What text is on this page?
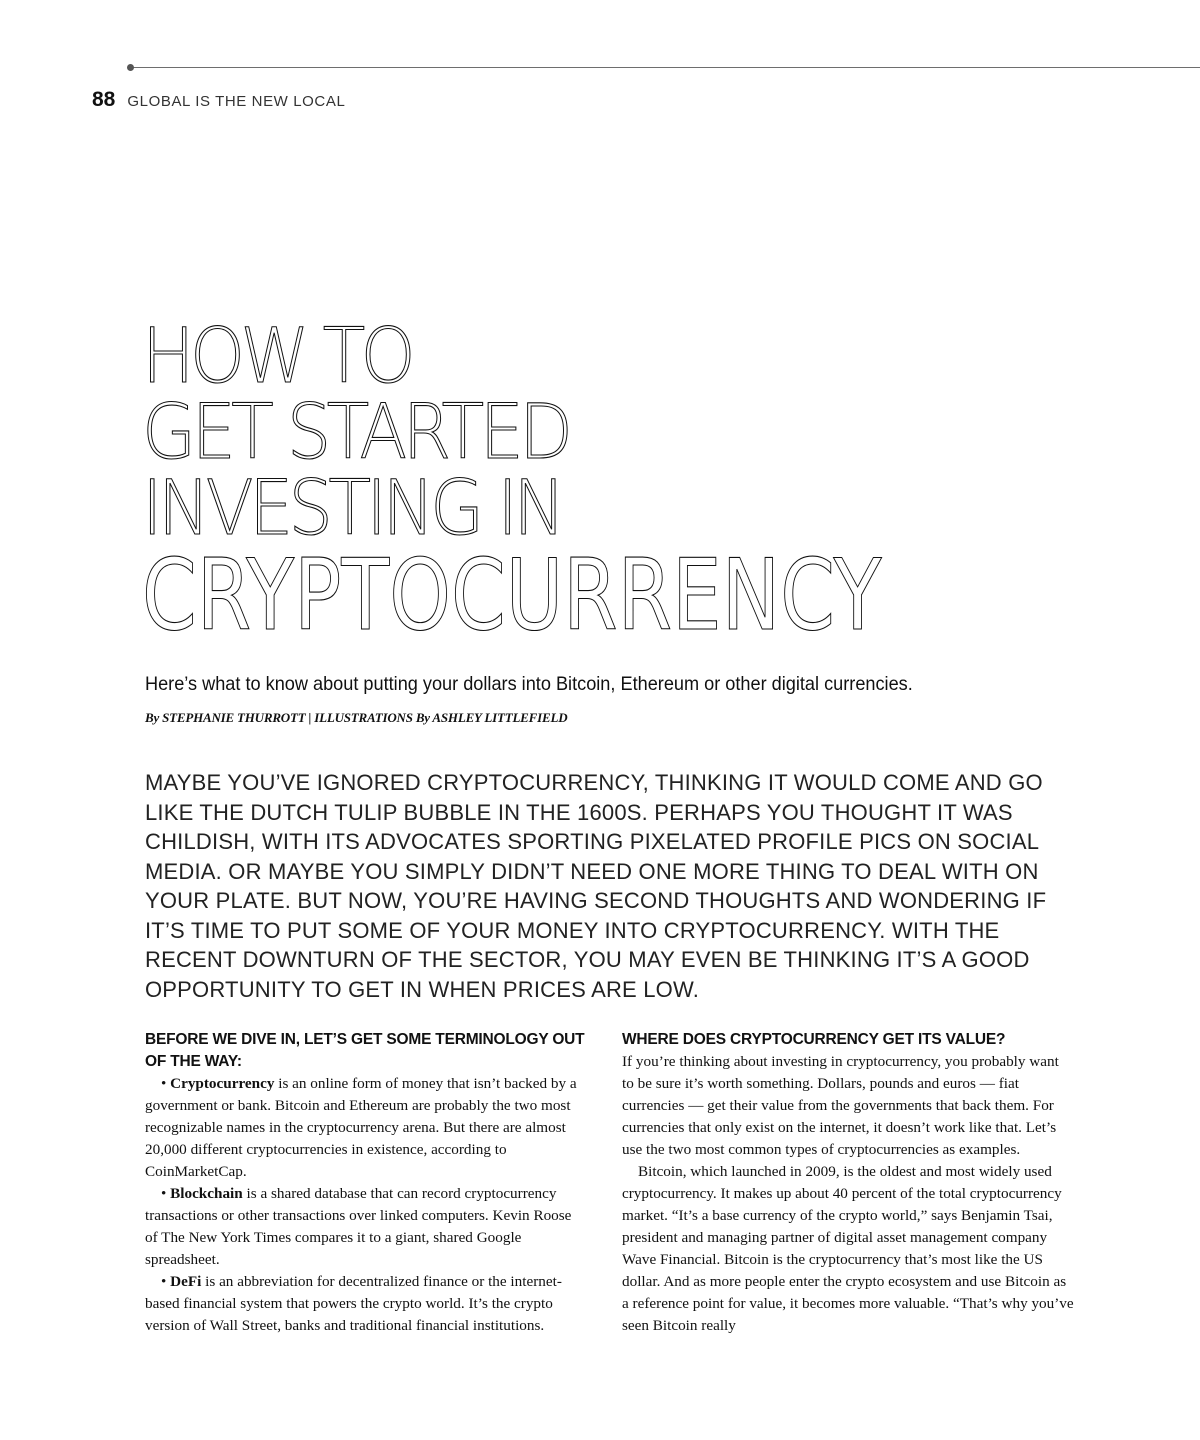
88 GLOBAL IS THE NEW LOCAL
HOW TO
GET STARTED
INVESTING IN
CRYPTOCURRENCY
Here’s what to know about putting your dollars into Bitcoin, Ethereum or other digital currencies.
By STEPHANIE THURROTT | ILLUSTRATIONS By ASHLEY LITTLEFIELD

MAYBE YOU’VE IGNORED CRYPTOCURRENCY, THINKING IT WOULD COME AND GO LIKE THE DUTCH TULIP BUBBLE IN THE 1600S. PERHAPS YOU THOUGHT IT WAS CHILDISH, WITH ITS ADVOCATES SPORTING PIXELATED PROFILE PICS ON SOCIAL MEDIA. OR MAYBE YOU SIMPLY DIDN’T NEED ONE MORE THING TO DEAL WITH ON YOUR PLATE. BUT NOW, YOU’RE HAVING SECOND THOUGHTS AND WONDERING IF IT’S TIME TO PUT SOME OF YOUR MONEY INTO CRYPTOCURRENCY. WITH THE RECENT DOWNTURN OF THE SECTOR, YOU MAY EVEN BE THINKING IT’S A GOOD OPPORTUNITY TO GET IN WHEN PRICES ARE LOW.

BEFORE WE DIVE IN, LET’S GET SOME TERMINOLOGY OUT OF THE WAY:

• Cryptocurrency is an online form of money that isn’t backed by a government or bank. Bitcoin and Ethereum are probably the two most recognizable names in the cryptocurrency arena. But there are almost 20,000 different cryptocurrencies in existence, according to CoinMarketCap.

• Blockchain is a shared database that can record cryptocurrency transactions or other transactions over linked computers. Kevin Roose of The New York Times compares it to a giant, shared Google spreadsheet.

• DeFi is an abbreviation for decentralized finance or the internet-based financial system that powers the crypto world. It’s the crypto version of Wall Street, banks and traditional financial institutions.

WHERE DOES CRYPTOCURRENCY GET ITS VALUE?

If you’re thinking about investing in cryptocurrency, you probably want to be sure it’s worth something. Dollars, pounds and euros — fiat currencies — get their value from the governments that back them. For currencies that only exist on the internet, it doesn’t work like that. Let’s use the two most common types of cryptocurrencies as examples.

Bitcoin, which launched in 2009, is the oldest and most widely used cryptocurrency. It makes up about 40 percent of the total cryptocurrency market. “It’s a base currency of the crypto world,” says Benjamin Tsai, president and managing partner of digital asset management company Wave Financial. Bitcoin is the cryptocurrency that’s most like the US dollar. And as more people enter the crypto ecosystem and use Bitcoin as a reference point for value, it becomes more valuable. “That’s why you’ve seen Bitcoin really
